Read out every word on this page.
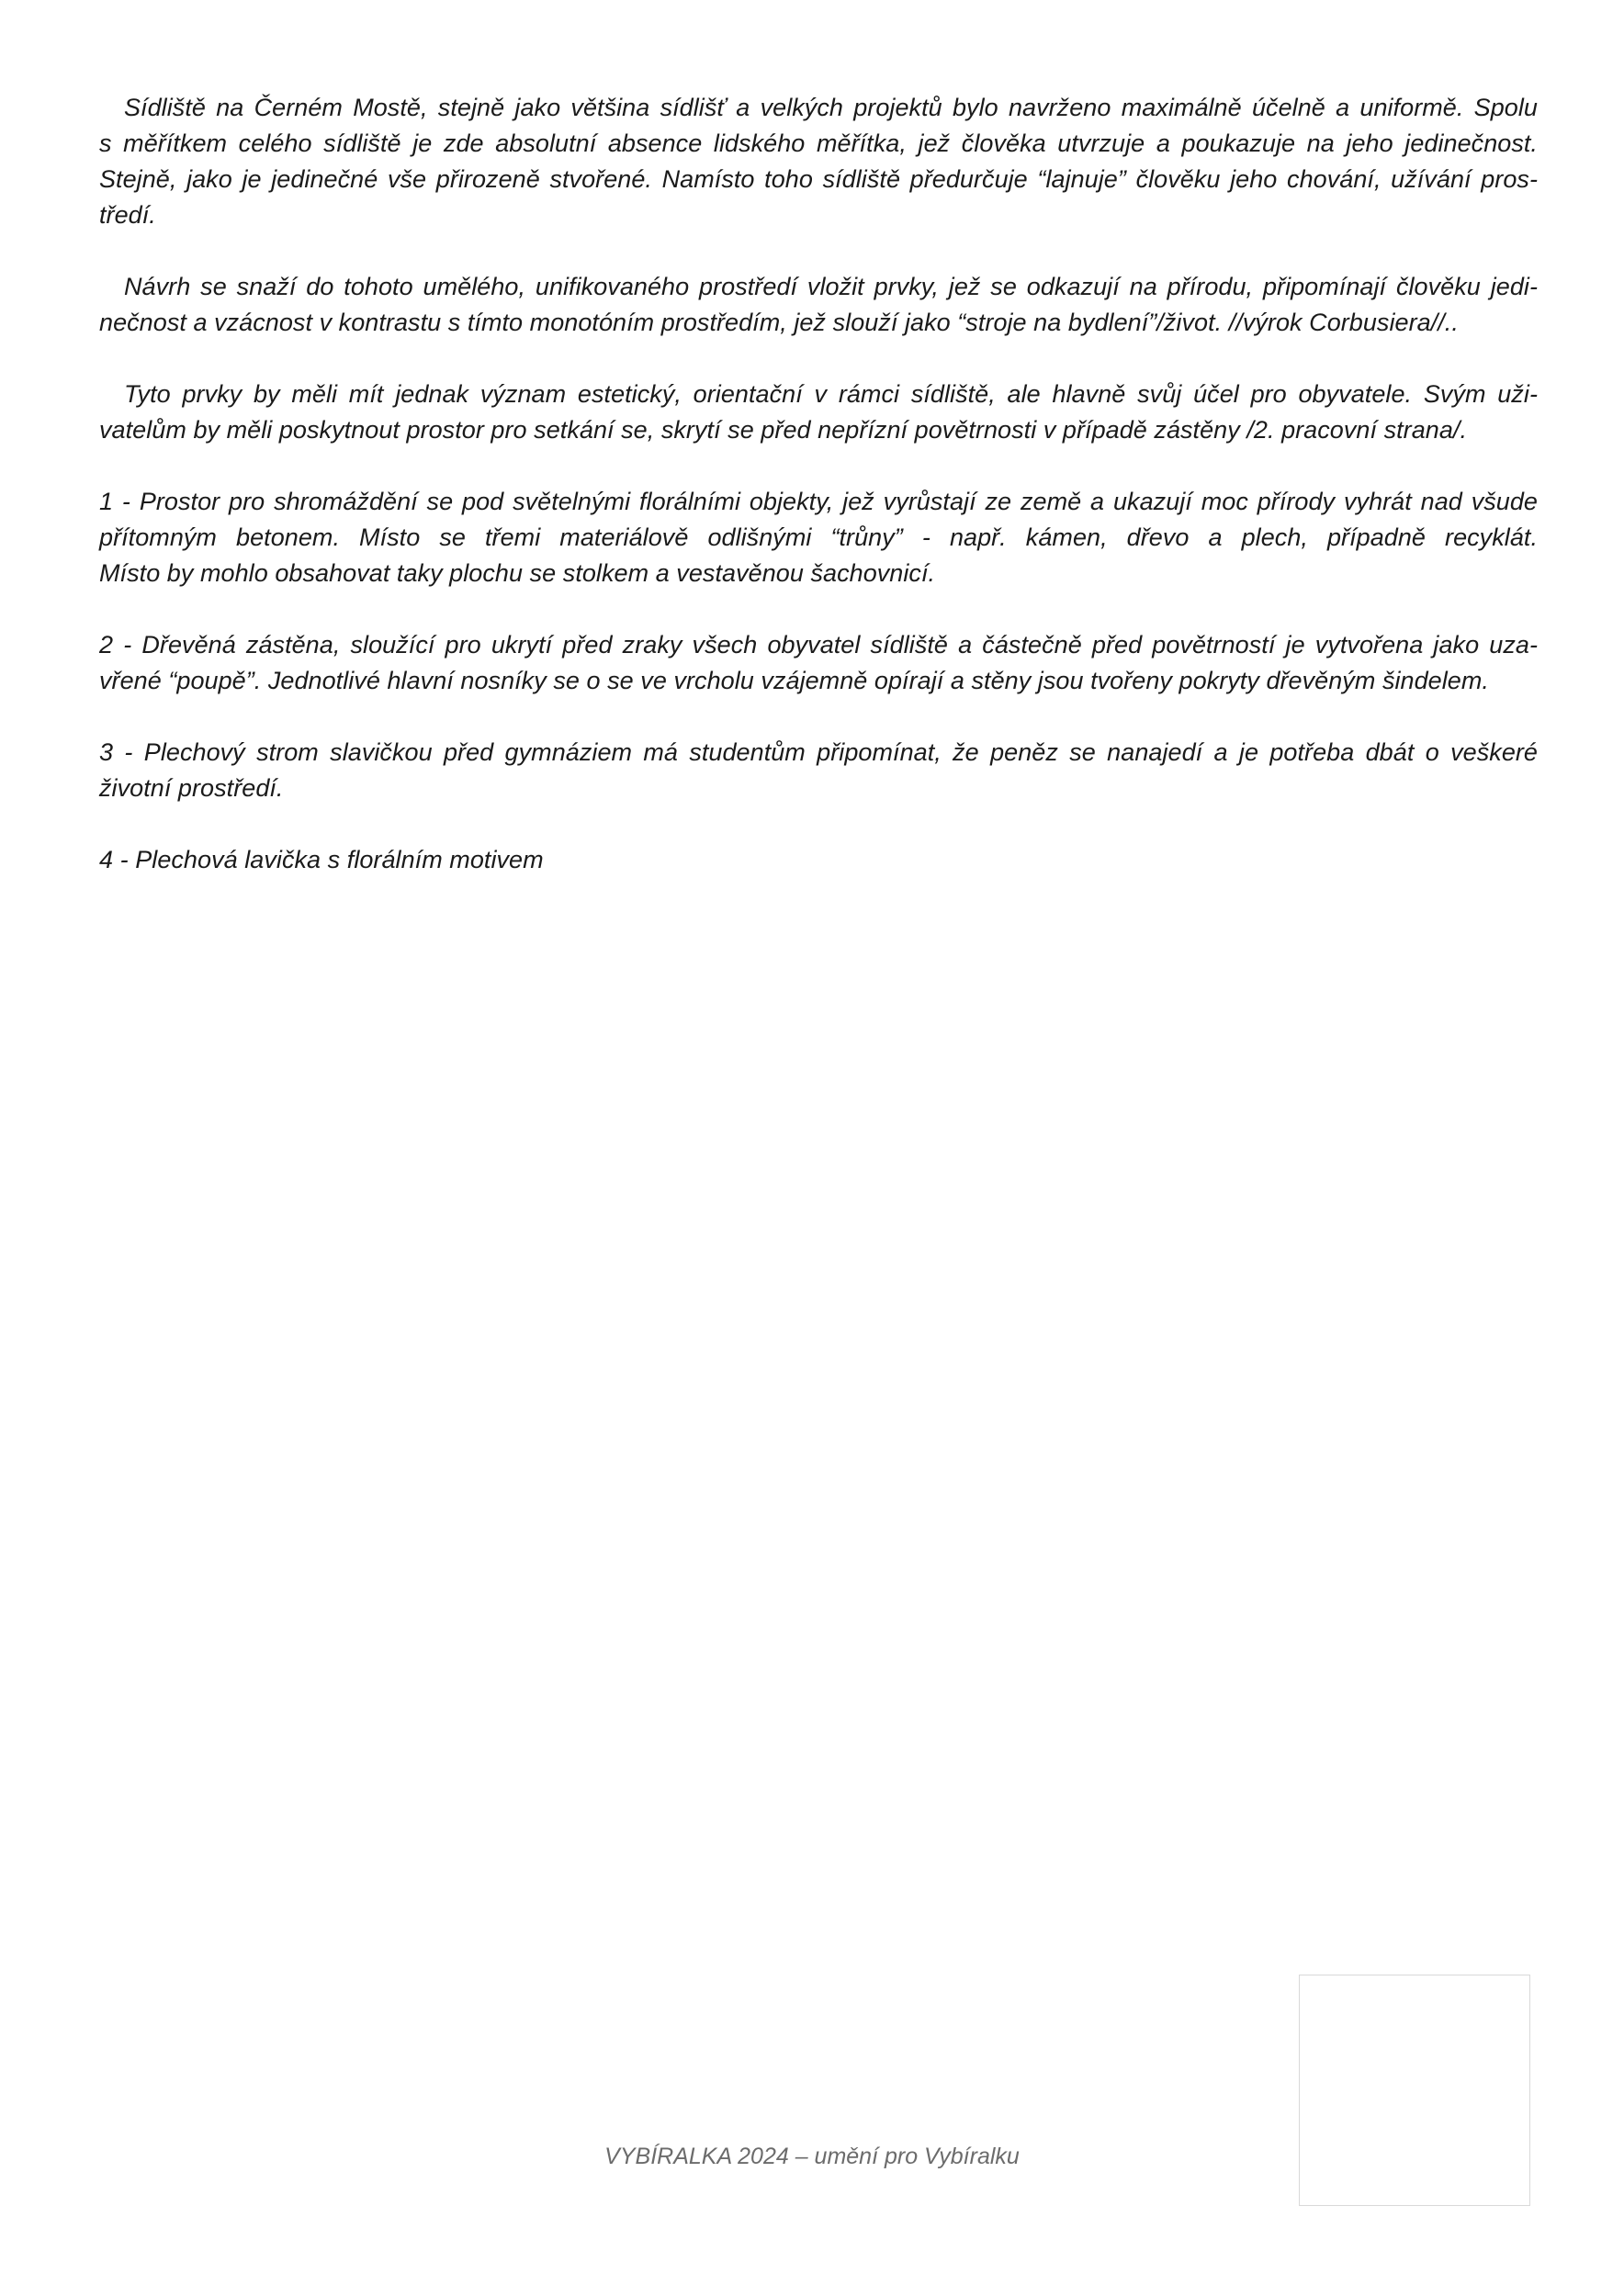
Sídliště na Černém Mostě, stejně jako většina sídlišť a velkých projektů bylo navrženo maximálně účelně a uniformě. Spolu
s měřítkem celého sídliště je zde absolutní absence lidského měřítka, jež člověka utvrzuje a poukazuje na jeho jedinečnost.
Stejně, jako je jedinečné vše přirozeně stvořené. Namísto toho sídliště předurčuje “lajnuje” člověku jeho chování, užívání pros-
tředí.

Návrh se snaží do tohoto umělého, unifikovaného prostředí vložit prvky, jež se odkazují na přírodu, připomínají člověku jedi-
nečnost a vzácnost v kontrastu s tímto monotóním prostředím, jež slouží jako “stroje na bydlení”/život. //výrok Corbusiera//..

Tyto prvky by měli mít jednak význam estetický, orientační v rámci sídliště, ale hlavně svůj účel pro obyvatele. Svým uži-
vatelům by měli poskytnout prostor pro setkání se, skrytí se před nepřízní povětrnosti v případě zástěny /2. pracovní strana/.

1 - Prostor pro shromáždění se pod světelnými florálními objekty, jež vyrůstají ze země a ukazují moc přírody vyhrát nad všude
přítomným betonem. Místo se třemi materiálově odlišnými “trůny” - např. kámen, dřevo a plech, případně recyklát.
Místo by mohlo obsahovat taky plochu se stolkem a vestavěnou šachovnicí.

2 - Dřevěná zástěna, sloužící pro ukrytí před zraky všech obyvatel sídliště a částečně před povětrností je vytvořena jako uza-
vřené “poupě”. Jednotlivé hlavní nosníky se o se ve vrcholu vzájemně opírají a stěny jsou tvořeny pokryty dřevěným šindelem.

3 - Plechový strom slavičkou před gymnáziem má studentům připomínat, že peněz se nanajedí a je potřeba dbát o veškeré
životní prostředí.

4 - Plechová lavička s florálním motivem

VYBÍRALKA 2024 – umění pro Vybíralku
